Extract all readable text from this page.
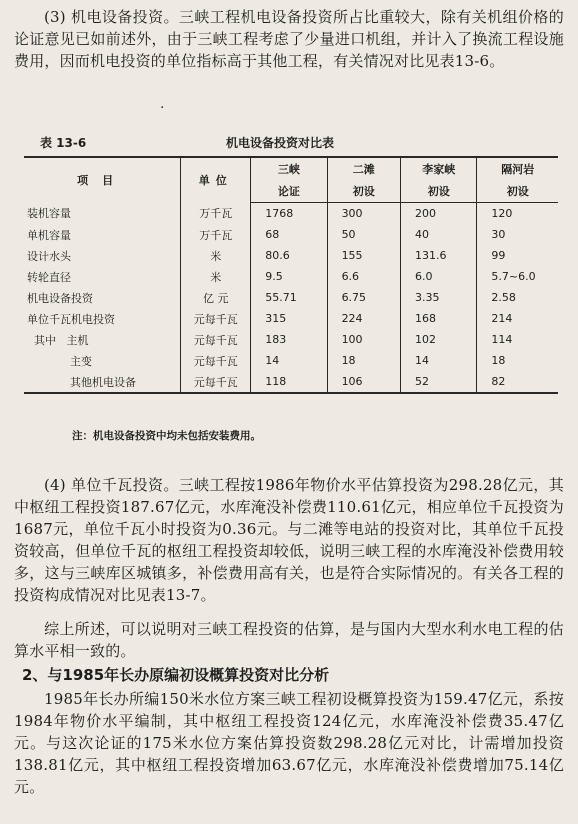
(3) 机电设备投资。三峡工程机电设备投资所占比重较大，除有关机组价格的论证意见已如前述外，由于三峡工程考虑了少量进口机组，并计入了换流工程设施费用，因而机电投资的单位指标高于其他工程，有关情况对比见表13-6。

.
表 13-6	机电设备投资对比表
项目	单位	三峡	二滩	李家峡	隔河岩
		论证	初设	初设	初设
装机容量	万千瓦	1768	300	200	120
单机容量	万千瓦	68	50	40	30
设计水头	米	80.6	155	131.6	99
转轮直径	米	9.5	6.6	6.0	5.7~6.0
机电设备投资	亿 元	55.71	6.75	3.35	2.58
单位千瓦机电投资	元每千瓦	315	224	168	214
其中 主机	元每千瓦	183	100	102	114
主变	元每千瓦	14	18	14	18
其他机电设备	元每千瓦	118	106	52	82
注：机电设备投资中均未包括安装费用。

(4) 单位千瓦投资。三峡工程按1986年物价水平估算投资为298.28亿元，其中枢纽工程投资187.67亿元，水库淹没补偿费110.61亿元，相应单位千瓦投资为1687元，单位千瓦小时投资为0.36元。与二滩等电站的投资对比，其单位千瓦投资较高，但单位千瓦的枢纽工程投资却较低，说明三峡工程的水库淹没补偿费用较多，这与三峡库区城镇多，补偿费用高有关，也是符合实际情况的。有关各工程的投资构成情况对比见表13-7。

综上所述，可以说明对三峡工程投资的估算，是与国内大型水利水电工程的估算水平相一致的。

2、与1985年长办原编初设概算投资对比分析

1985年长办所编150米水位方案三峡工程初设概算投资为159.47亿元，系按1984年物价水平编制，其中枢纽工程投资124亿元，水库淹没补偿费35.47亿元。与这次论证的175米水位方案估算投资数298.28亿元对比，计需增加投资138.81亿元，其中枢纽工程投资增加63.67亿元，水库淹没补偿费增加75.14亿元。
